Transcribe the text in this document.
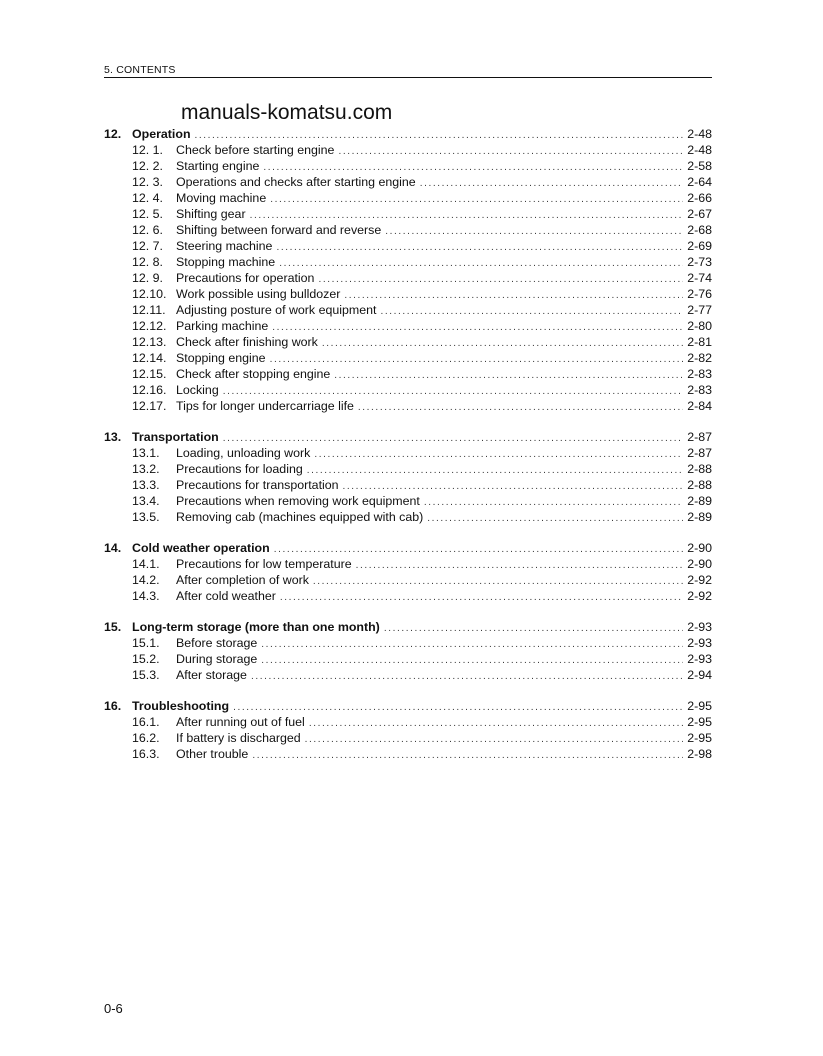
5. CONTENTS
manuals-komatsu.com
12. Operation .....	2-48
12. 1.	Check before starting engine .....	2-48
12. 2.	Starting engine .....	2-58
12. 3.	Operations and checks after starting engine .....	2-64
12. 4.	Moving machine .....	2-66
12. 5.	Shifting gear .....	2-67
12. 6.	Shifting between forward and reverse .....	2-68
12. 7.	Steering machine .....	2-69
12. 8.	Stopping machine .....	2-73
12. 9.	Precautions for operation .....	2-74
12.10. Work possible using bulldozer .....	2-76
12.11. Adjusting posture of work equipment .....	2-77
12.12. Parking machine .....	2-80
12.13. Check after finishing work .....	2-81
12.14. Stopping engine .....	2-82
12.15. Check after stopping engine .....	2-83
12.16. Locking .....	2-83
12.17. Tips for longer undercarriage life .....	2-84
13. Transportation .....	2-87
13.1.	Loading, unloading work .....	2-87
13.2.	Precautions for loading .....	2-88
13.3.	Precautions for transportation .....	2-88
13.4.	Precautions when removing work equipment .....	2-89
13.5.	Removing cab (machines equipped with cab) .....	2-89
14. Cold weather operation .....	2-90
14.1.	Precautions for low temperature .....	2-90
14.2.	After completion of work .....	2-92
14.3.	After cold weather .....	2-92
15. Long-term storage (more than one month) .....	2-93
15.1.	Before storage .....	2-93
15.2.	During storage .....	2-93
15.3.	After storage .....	2-94
16. Troubleshooting .....	2-95
16.1.	After running out of fuel .....	2-95
16.2.	If battery is discharged .....	2-95
16.3.	Other trouble .....	2-98
0-6
